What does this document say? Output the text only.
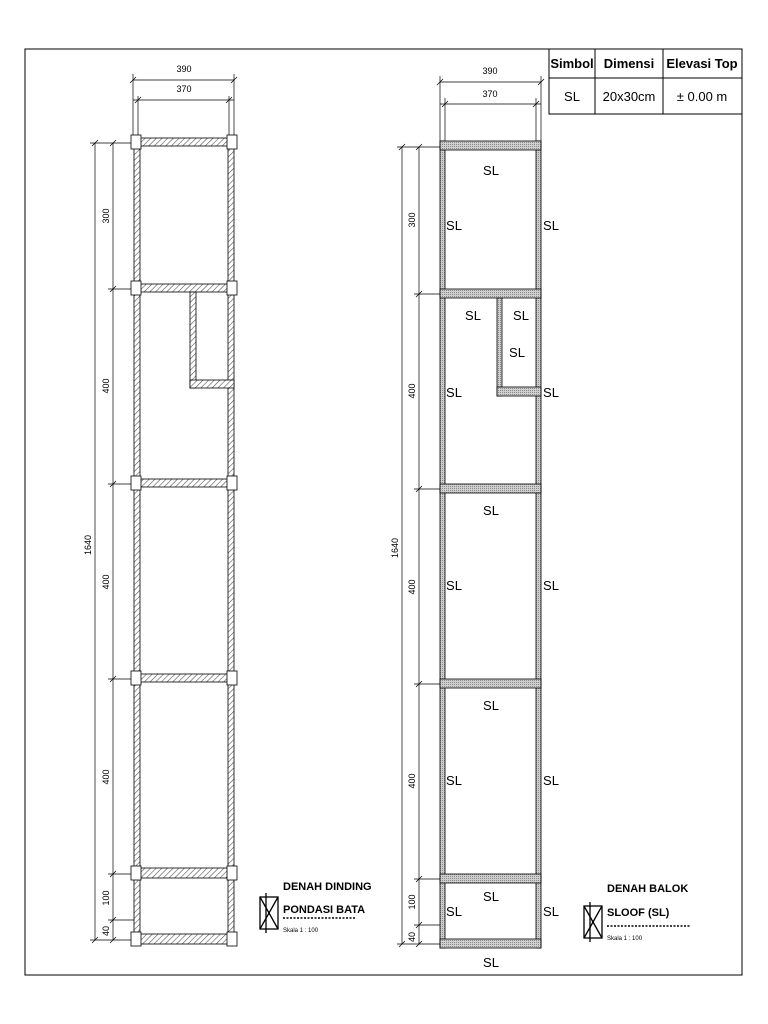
390
370
1640
300
400
400
400
100
40
DENAH DINDING
PONDASI BATA
Skala 1 : 100
390
370
1640
300
400
400
400
100
40
SL
SL	SL
SL SL
SL
SL	SL
SL
SL	SL
SL
SL	SL
SL
SL	SL
SL
DENAH BALOK
SLOOF (SL)
Skala 1 : 100
Simbol Dimensi Elevasi Top
SL 20x30cm ± 0.00 m
